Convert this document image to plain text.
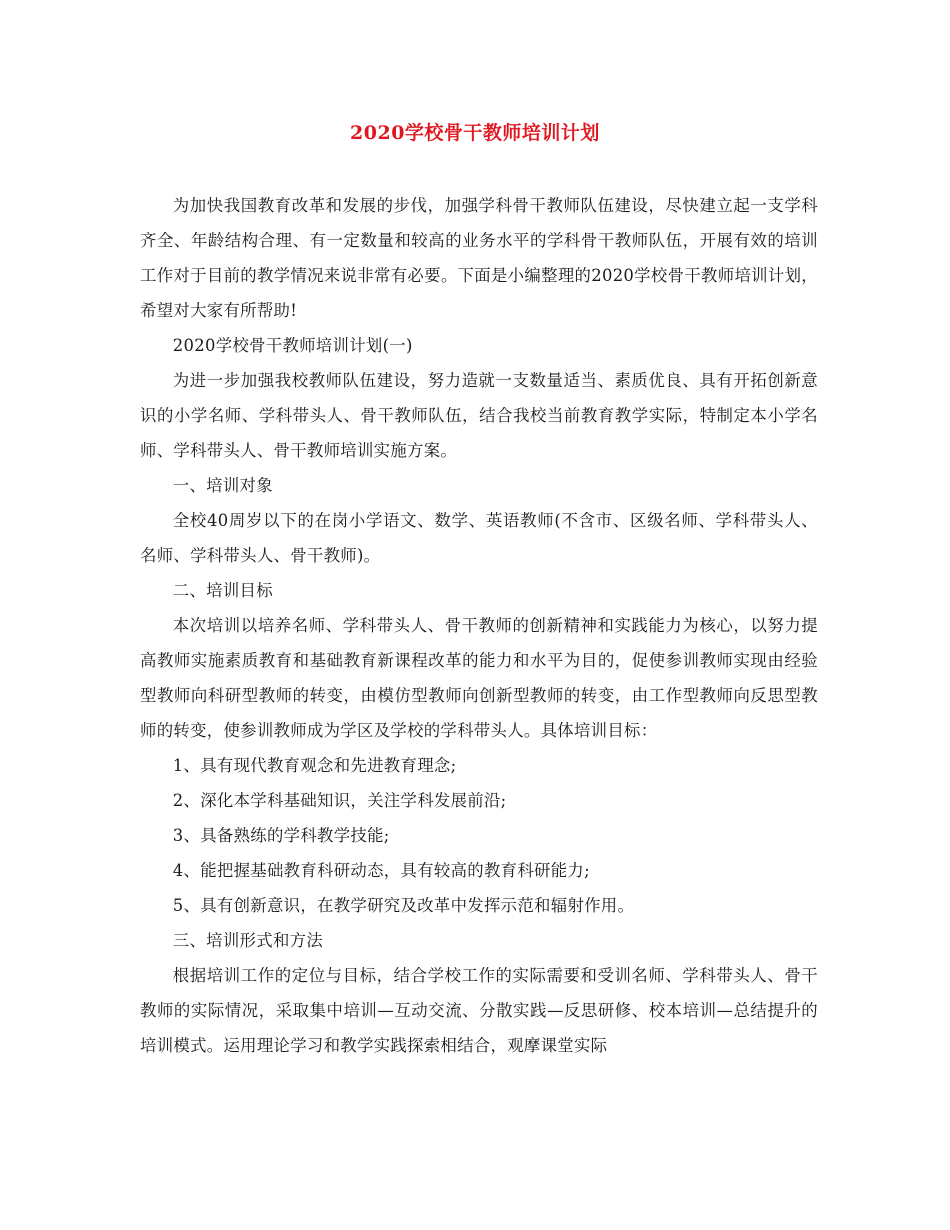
2020学校骨干教师培训计划

为加快我国教育改革和发展的步伐，加强学科骨干教师队伍建设，尽快建立起一支学科齐全、年龄结构合理、有一定数量和较高的业务水平的学科骨干教师队伍，开展有效的培训工作对于目前的教学情况来说非常有必要。下面是小编整理的2020学校骨干教师培训计划，希望对大家有所帮助!

2020学校骨干教师培训计划(一)

为进一步加强我校教师队伍建设，努力造就一支数量适当、素质优良、具有开拓创新意识的小学名师、学科带头人、骨干教师队伍，结合我校当前教育教学实际，特制定本小学名师、学科带头人、骨干教师培训实施方案。

一、培训对象

全校40周岁以下的在岗小学语文、数学、英语教师(不含市、区级名师、学科带头人、名师、学科带头人、骨干教师)。

二、培训目标

本次培训以培养名师、学科带头人、骨干教师的创新精神和实践能力为核心，以努力提高教师实施素质教育和基础教育新课程改革的能力和水平为目的，促使参训教师实现由经验型教师向科研型教师的转变，由模仿型教师向创新型教师的转变，由工作型教师向反思型教师的转变，使参训教师成为学区及学校的学科带头人。具体培训目标：

1、具有现代教育观念和先进教育理念;

2、深化本学科基础知识，关注学科发展前沿;

3、具备熟练的学科教学技能;

4、能把握基础教育科研动态，具有较高的教育科研能力;

5、具有创新意识，在教学研究及改革中发挥示范和辐射作用。

三、培训形式和方法

根据培训工作的定位与目标，结合学校工作的实际需要和受训名师、学科带头人、骨干教师的实际情况，采取集中培训—互动交流、分散实践—反思研修、校本培训—总结提升的培训模式。运用理论学习和教学实践探索相结合，观摩课堂实际
